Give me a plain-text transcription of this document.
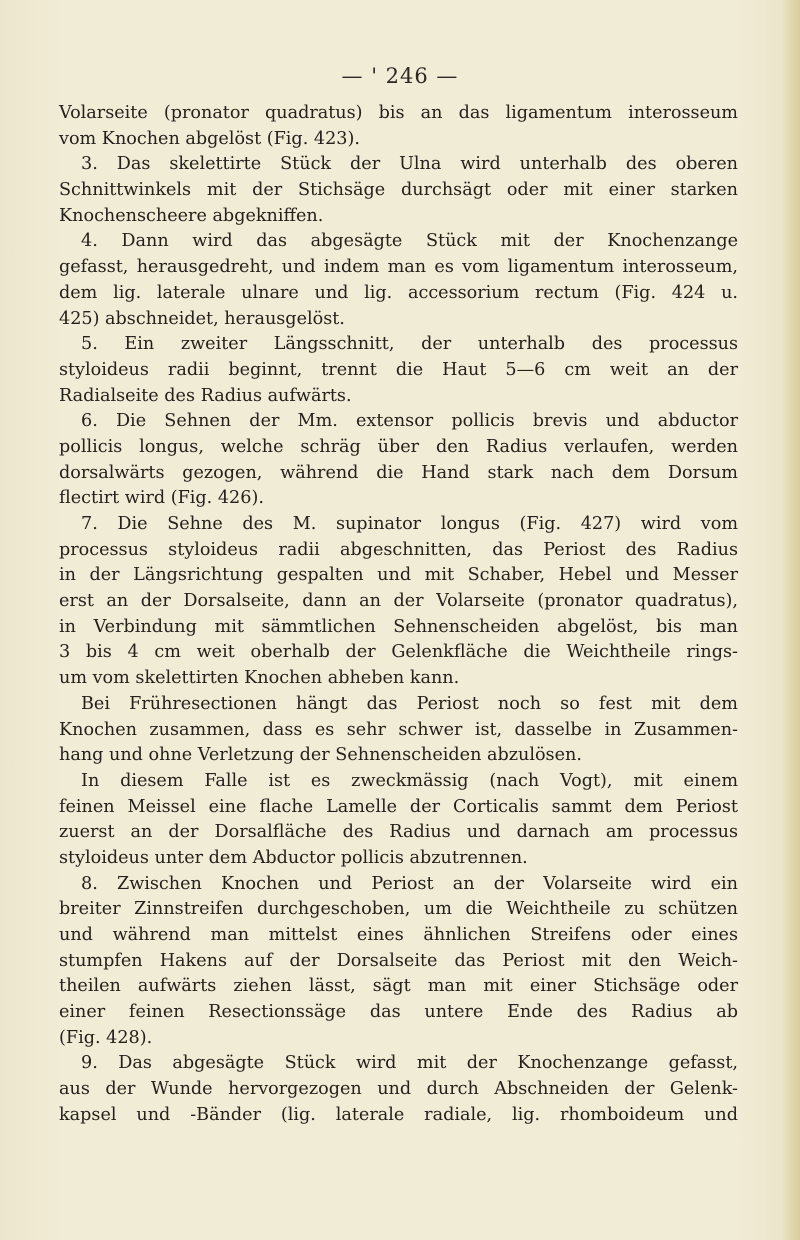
— ' 246 —
Volarseite (pronator quadratus) bis an das ligamentum interosseum
vom Knochen abgelöst (Fig. 423).
3. Das skelettirte Stück der Ulna wird unterhalb des oberen
Schnittwinkels mit der Stichsäge durchsägt oder mit einer starken
Knochenscheere abgekniffen.
4. Dann wird das abgesägte Stück mit der Knochenzange
gefasst, herausgedreht, und indem man es vom ligamentum interosseum,
dem lig. laterale ulnare und lig. accessorium rectum (Fig. 424 u.
425) abschneidet, herausgelöst.
5. Ein zweiter Längsschnitt, der unterhalb des processus
styloideus radii beginnt, trennt die Haut 5—6 cm weit an der
Radialseite des Radius aufwärts.
6. Die Sehnen der Mm. extensor pollicis brevis und abductor
pollicis longus, welche schräg über den Radius verlaufen, werden
dorsalwärts gezogen, während die Hand stark nach dem Dorsum
flectirt wird (Fig. 426).
7. Die Sehne des M. supinator longus (Fig. 427) wird vom
processus styloideus radii abgeschnitten, das Periost des Radius
in der Längsrichtung gespalten und mit Schaber, Hebel und Messer
erst an der Dorsalseite, dann an der Volarseite (pronator quadratus),
in Verbindung mit sämmtlichen Sehnenscheiden abgelöst, bis man
3 bis 4 cm weit oberhalb der Gelenkfläche die Weichtheile rings-
um vom skelettirten Knochen abheben kann.
Bei Frühresectionen hängt das Periost noch so fest mit dem
Knochen zusammen, dass es sehr schwer ist, dasselbe in Zusammen-
hang und ohne Verletzung der Sehnenscheiden abzulösen.
In diesem Falle ist es zweckmässig (nach Vogt), mit einem
feinen Meissel eine flache Lamelle der Corticalis sammt dem Periost
zuerst an der Dorsalfläche des Radius und darnach am processus
styloideus unter dem Abductor pollicis abzutrennen.
8. Zwischen Knochen und Periost an der Volarseite wird ein
breiter Zinnstreifen durchgeschoben, um die Weichtheile zu schützen
und während man mittelst eines ähnlichen Streifens oder eines
stumpfen Hakens auf der Dorsalseite das Periost mit den Weich-
theilen aufwärts ziehen lässt, sägt man mit einer Stichsäge oder
einer feinen Resectionssäge das untere Ende des Radius ab
(Fig. 428).
9. Das abgesägte Stück wird mit der Knochenzange gefasst,
aus der Wunde hervorgezogen und durch Abschneiden der Gelenk-
kapsel und -Bänder (lig. laterale radiale, lig. rhomboideum und
